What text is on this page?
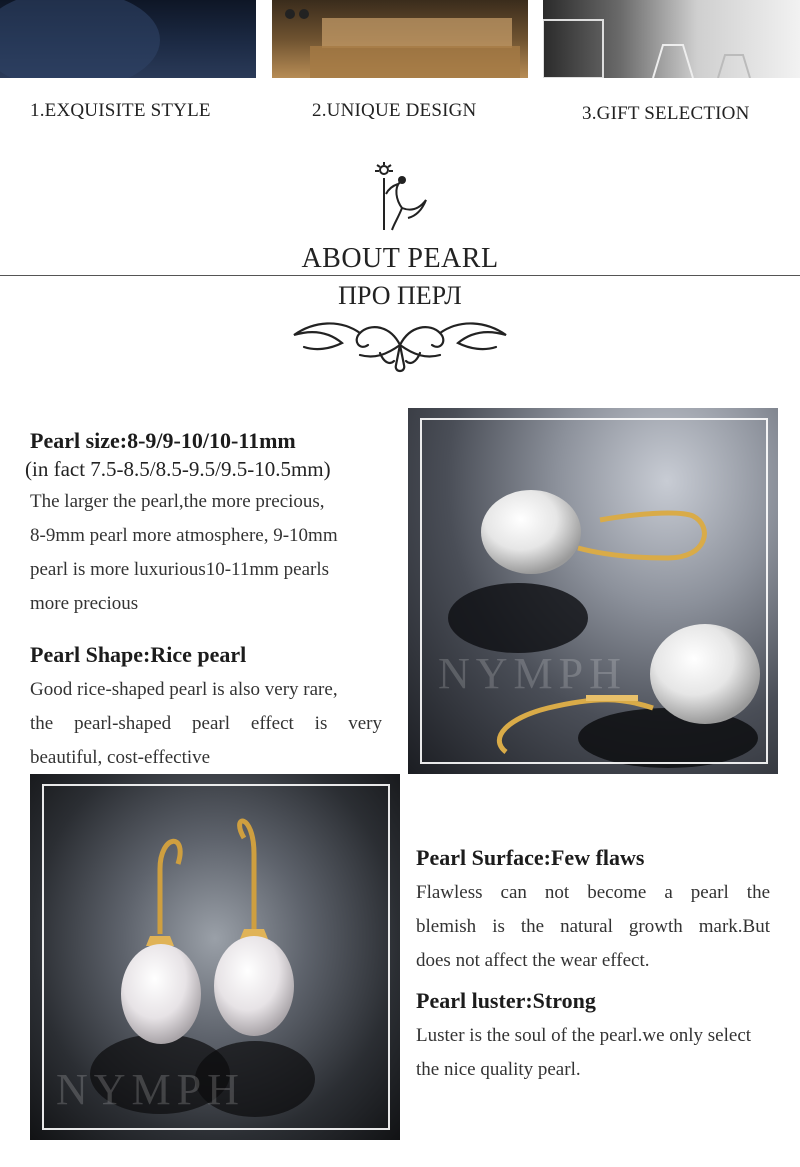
1.EXQUISITE STYLE	2.UNIQUE DESIGN	3.GIFT SELECTION
ABOUT PEARL
ПРО ПЕРЛ
Pearl size:8-9/9-10/10-11mm
(in fact 7.5-8.5/8.5-9.5/9.5-10.5mm)
The larger the pearl,the more precious,
8-9mm pearl more atmosphere, 9-10mm
pearl is more luxurious10-11mm pearls
more precious
Pearl Shape:Rice pearl
Good rice-shaped pearl is also very rare,
the pearl-shaped pearl effect is very
beautiful, cost-effective
NYMPH
NYMPH
Pearl Surface:Few flaws
Flawless can not become a pearl the
blemish is the natural growth mark.But
does not affect the wear effect.
Pearl luster:Strong
Luster is the soul of the pearl.we only select
the nice quality pearl.
